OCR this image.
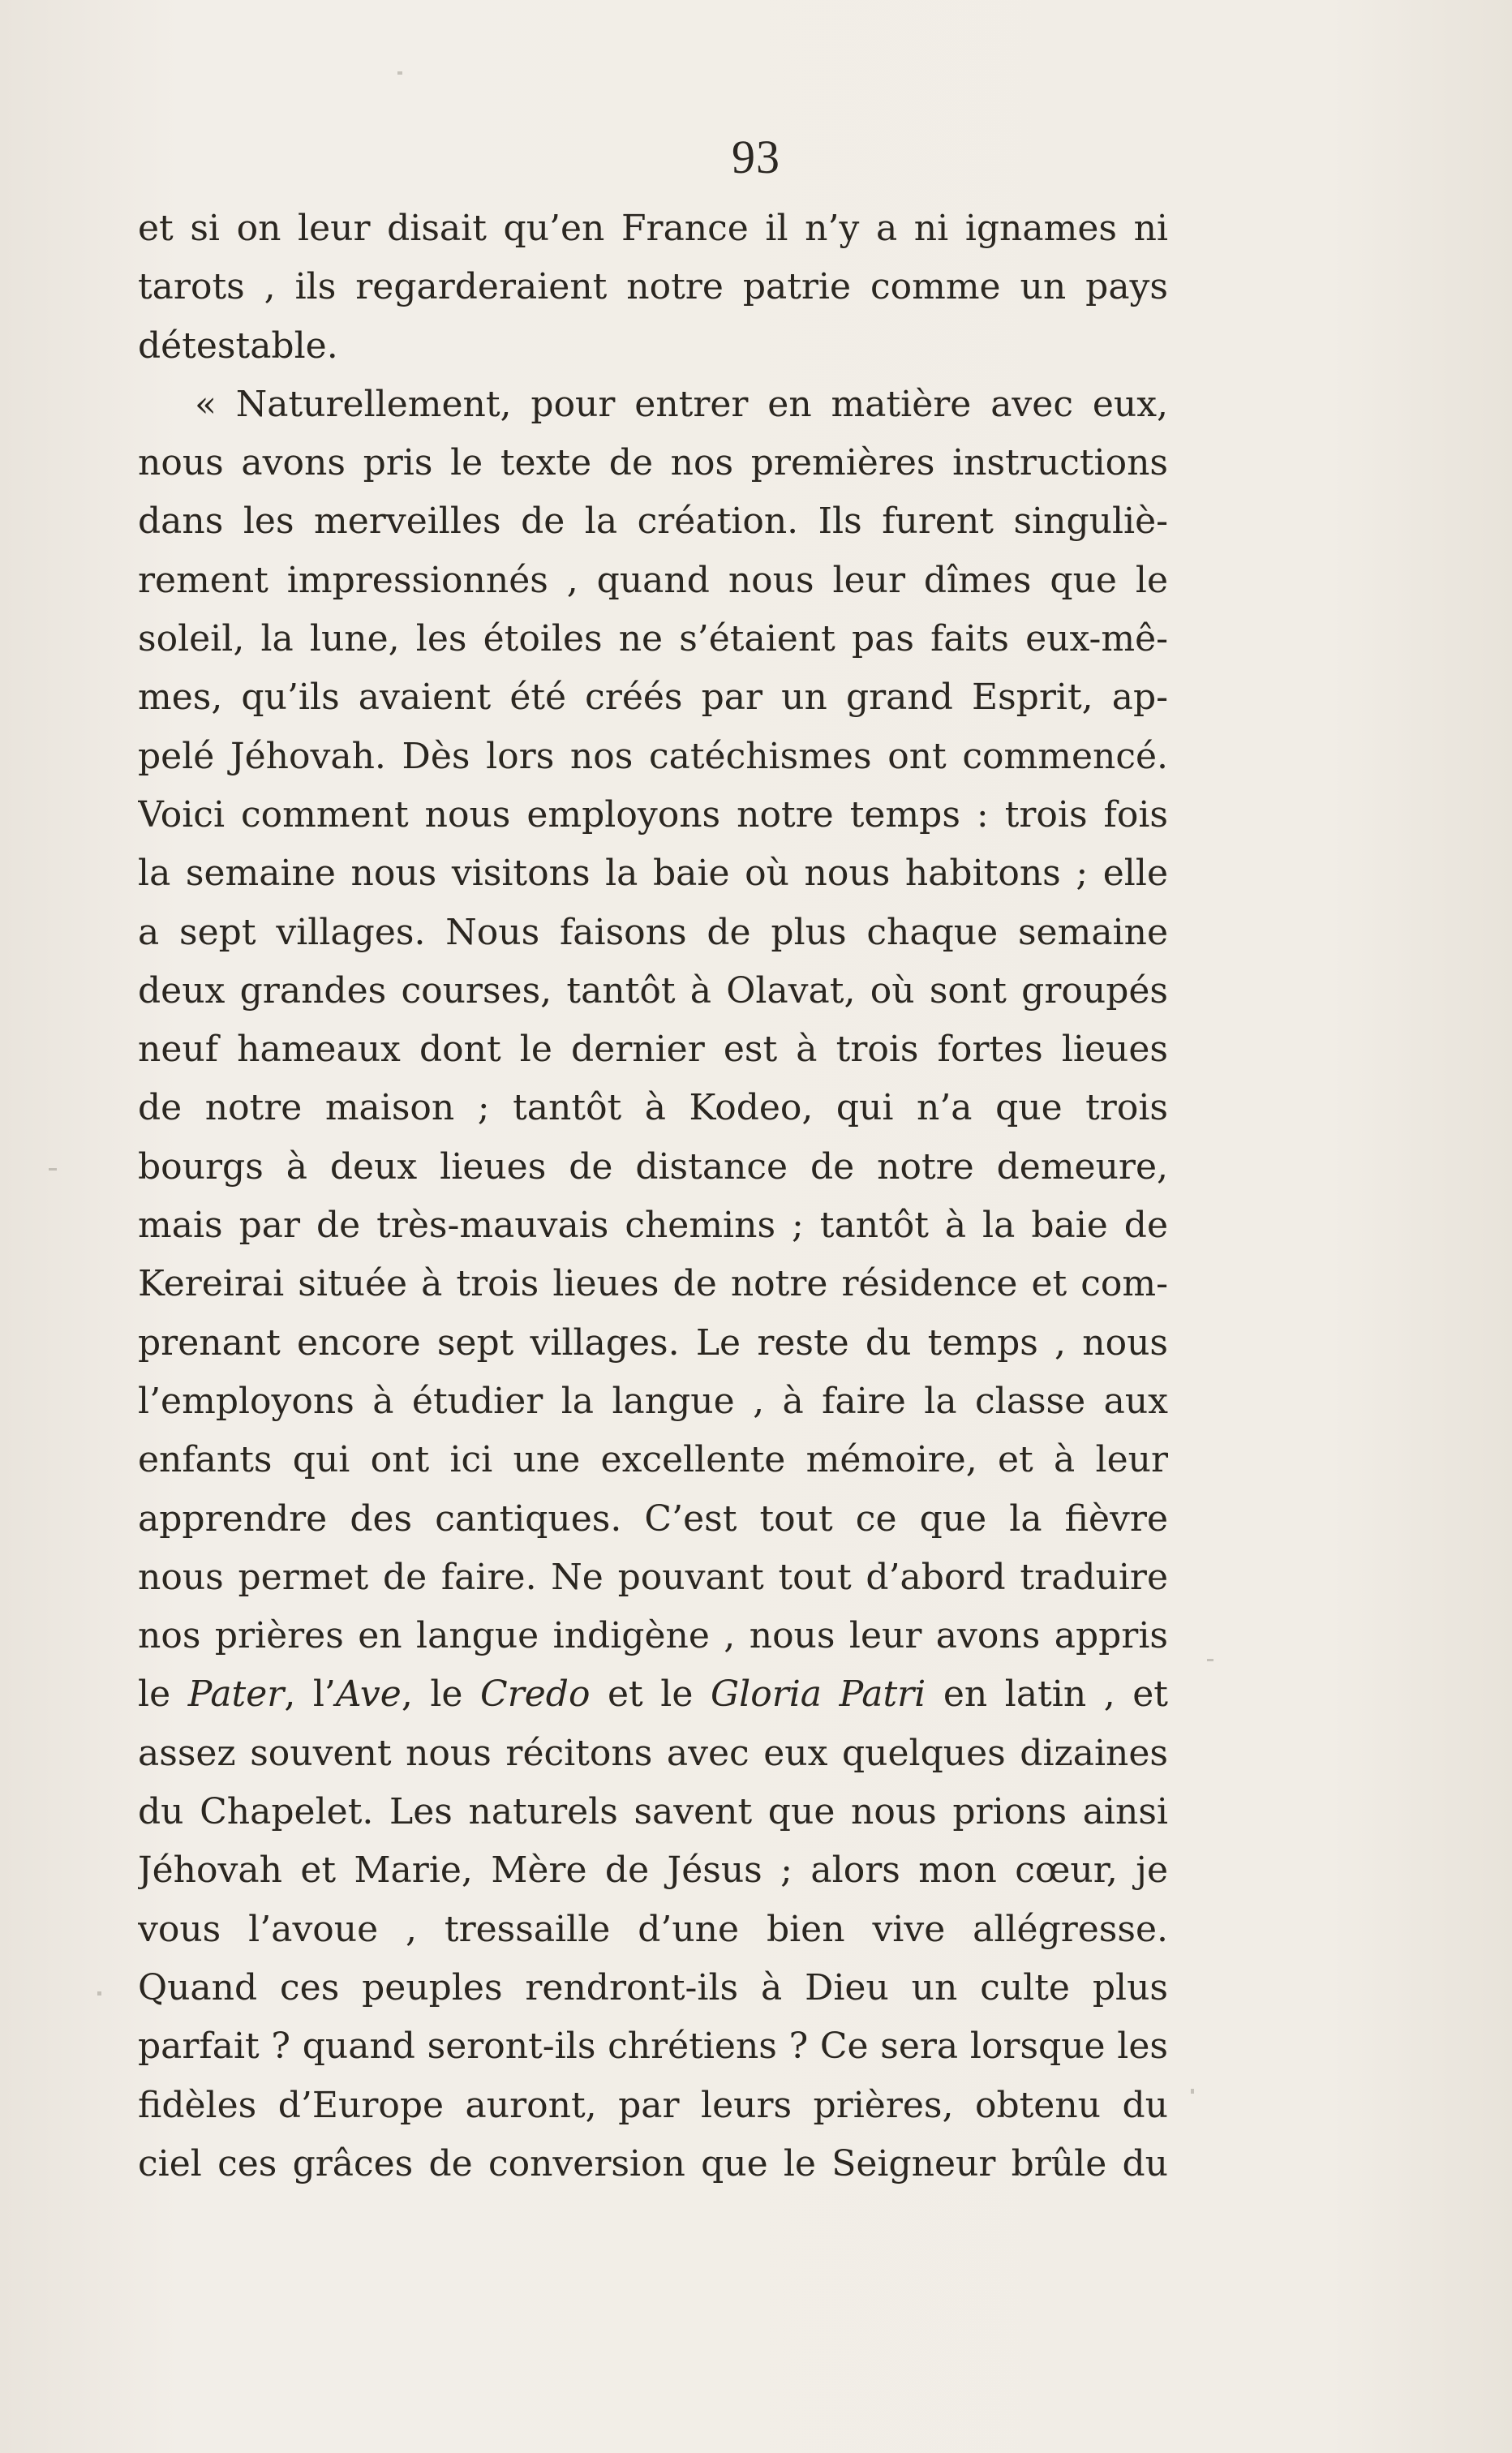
93
et si on leur disait qu’en France il n’y a ni ignames ni
tarots , ils regarderaient notre patrie comme un pays
détestable.
« Naturellement, pour entrer en matière avec eux,
nous avons pris le texte de nos premières instructions
dans les merveilles de la création. Ils furent singuliè-
rement impressionnés , quand nous leur dîmes que le
soleil, la lune, les étoiles ne s’étaient pas faits eux-mê-
mes, qu’ils avaient été créés par un grand Esprit, ap-
pelé Jéhovah. Dès lors nos catéchismes ont commencé.
Voici comment nous employons notre temps : trois fois
la semaine nous visitons la baie où nous habitons ; elle
a sept villages. Nous faisons de plus chaque semaine
deux grandes courses, tantôt à Olavat, où sont groupés
neuf hameaux dont le dernier est à trois fortes lieues
de notre maison ; tantôt à Kodeo, qui n’a que trois
bourgs à deux lieues de distance de notre demeure,
mais par de très-mauvais chemins ; tantôt à la baie de
Kereirai située à trois lieues de notre résidence et com-
prenant encore sept villages. Le reste du temps , nous
l’employons à étudier la langue , à faire la classe aux
enfants qui ont ici une excellente mémoire, et à leur
apprendre des cantiques. C’est tout ce que la fièvre
nous permet de faire. Ne pouvant tout d’abord traduire
nos prières en langue indigène , nous leur avons appris
le Pater, l’Ave, le Credo et le Gloria Patri en latin , et
assez souvent nous récitons avec eux quelques dizaines
du Chapelet. Les naturels savent que nous prions ainsi
Jéhovah et Marie, Mère de Jésus ; alors mon cœur, je
vous l’avoue , tressaille d’une bien vive allégresse.
Quand ces peuples rendront-ils à Dieu un culte plus
parfait ? quand seront-ils chrétiens ? Ce sera lorsque les
fidèles d’Europe auront, par leurs prières, obtenu du
ciel ces grâces de conversion que le Seigneur brûle du
